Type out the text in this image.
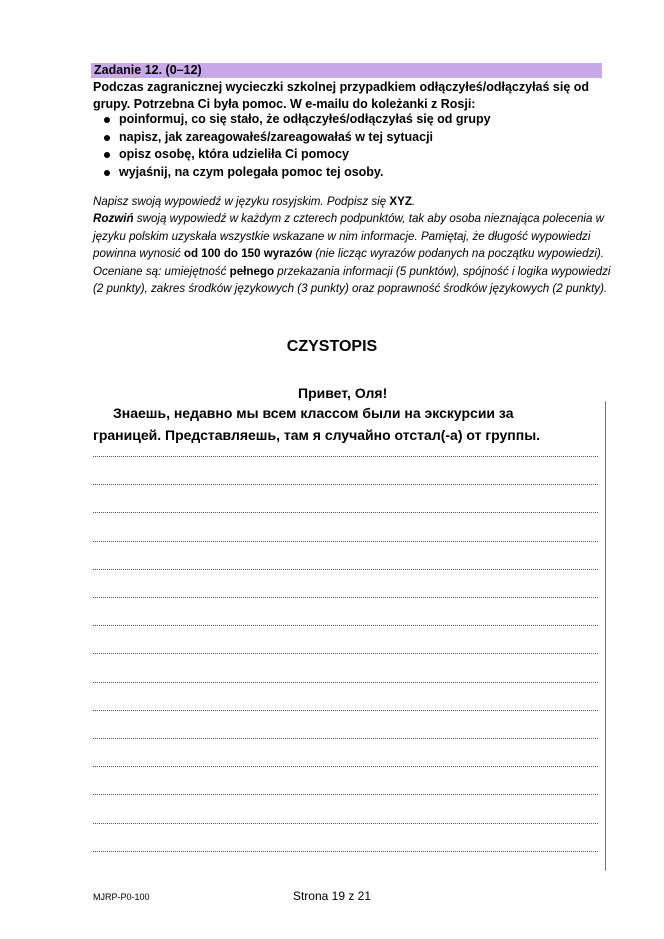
Zadanie 12. (0–12)
Podczas zagranicznej wycieczki szkolnej przypadkiem odłączyłeś/odłączyłaś się od grupy. Potrzebna Ci była pomoc. W e-mailu do koleżanki z Rosji:
poinformuj, co się stało, że odłączyłeś/odłączyłaś się od grupy
napisz, jak zareagowałeś/zareagowałaś w tej sytuacji
opisz osobę, która udzieliła Ci pomocy
wyjaśnij, na czym polegała pomoc tej osoby.
Napisz swoją wypowiedź w języku rosyjskim. Podpisz się XYZ.
Rozwiń swoją wypowiedź w każdym z czterech podpunktów, tak aby osoba nieznająca polecenia w języku polskim uzyskała wszystkie wskazane w nim informacje. Pamiętaj, że długość wypowiedzi powinna wynosić od 100 do 150 wyrazów (nie licząc wyrazów podanych na początku wypowiedzi). Oceniane są: umiejętność pełnego przekazania informacji (5 punktów), spójność i logika wypowiedzi (2 punkty), zakres środków językowych (3 punkty) oraz poprawność środków językowych (2 punkty).
CZYSTOPIS
Привет, Оля!

Знаешь, недавно мы всем классом были на экскурсии за

границей. Представляешь, там я случайно отстал(-а) от группы.

MJRP-P0-100	Strona 19 z 21
